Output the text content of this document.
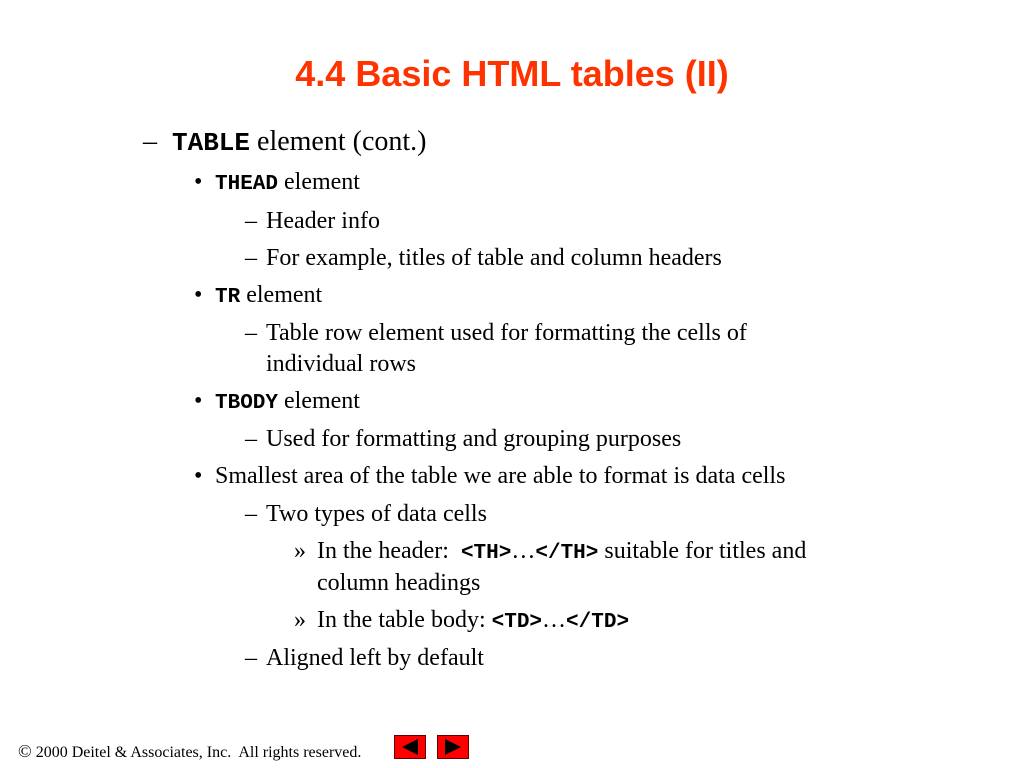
4.4 Basic HTML tables (II)
– TABLE element (cont.)
• THEAD element
– Header info
– For example, titles of table and column headers
• TR element
– Table row element used for formatting the cells of
individual rows
• TBODY element
– Used for formatting and grouping purposes
• Smallest area of the table we are able to format is data cells
– Two types of data cells
» In the header:  <TH>…</TH> suitable for titles and
column headings
» In the table body: <TD>…</TD>
– Aligned left by default
© 2000 Deitel & Associates, Inc.  All rights reserved.
